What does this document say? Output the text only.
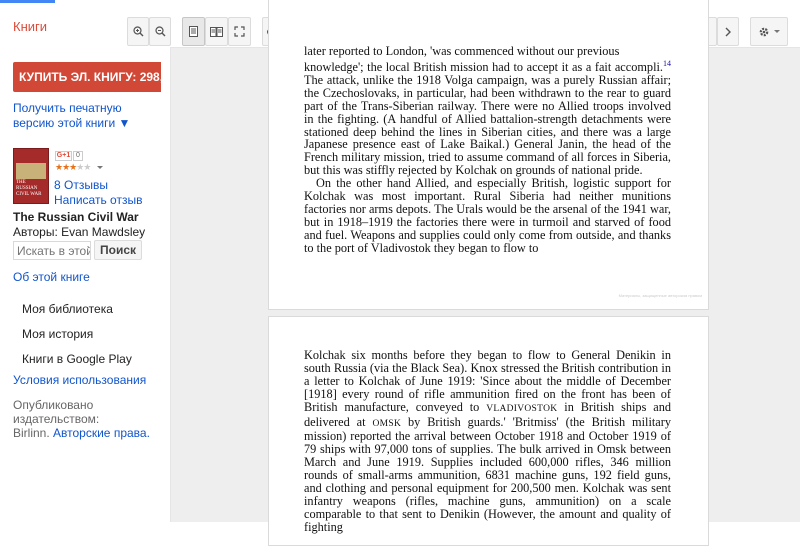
Книги
КУПИТЬ ЭЛ. КНИГУ: 298,6
Получить печатную версию этой книги ▼
THE RUSSIAN CIVIL WAR
G+1 0
★★★★★
8 Отзывы
Написать отзыв
The Russian Civil War
Авторы: Evan Mawdsley
Искать в этой книге
Поиск
Об этой книге
Моя библиотека
Моя история
Книги в Google Play
Условия использования
Опубликовано издательством:
Birlinn. Авторские права.

later reported to London, 'was commenced without our previous

knowledge'; the local British mission had to accept it as a fait accompli.$^{14}$ The attack, unlike the 1918 Volga campaign, was a purely Russian affair; the Czechoslovaks, in particular, had been withdrawn to the rear to guard part of the Trans-Siberian railway. There were no Allied troops involved in the fighting. (A handful of Allied battalion-strength detachments were stationed deep behind the lines in Siberian cities, and there was a large Japanese presence east of Lake Baikal.) General Janin, the head of the French military mission, tried to assume command of all forces in Siberia, but this was stiffly rejected by Kolchak on grounds of national pride.

On the other hand Allied, and especially British, logistic support for Kolchak was most important. Rural Siberia had neither munitions factories nor arms depots. The Urals would be the arsenal of the 1941 war, but in 1918–1919 the factories there were in turmoil and starved of food and fuel. Weapons and supplies could only come from outside, and thanks to the port of Vladivostok they began to flow to

Материалы, защищенные авторским правом

Kolchak six months before they began to flow to General Denikin in south Russia (via the Black Sea). Knox stressed the British contribution in a letter to Kolchak of June 1919: 'Since about the middle of December [1918] every round of rifle ammunition fired on the front has been of British manufacture, conveyed to VLADIVOSTOK in British ships and delivered at OMSK by British guards.' 'Britmiss' (the British military mission) reported the arrival between October 1918 and October 1919 of 79 ships with 97,000 tons of supplies. The bulk arrived in Omsk between March and June 1919. Supplies included 600,000 rifles, 346 million rounds of small-arms ammunition, 6831 machine guns, 192 field guns, and clothing and personal equipment for 200,500 men. Kolchak was sent infantry weapons (rifles, machine guns, ammunition) on a scale comparable to that sent to Denikin (However, the amount and quality of fighting
